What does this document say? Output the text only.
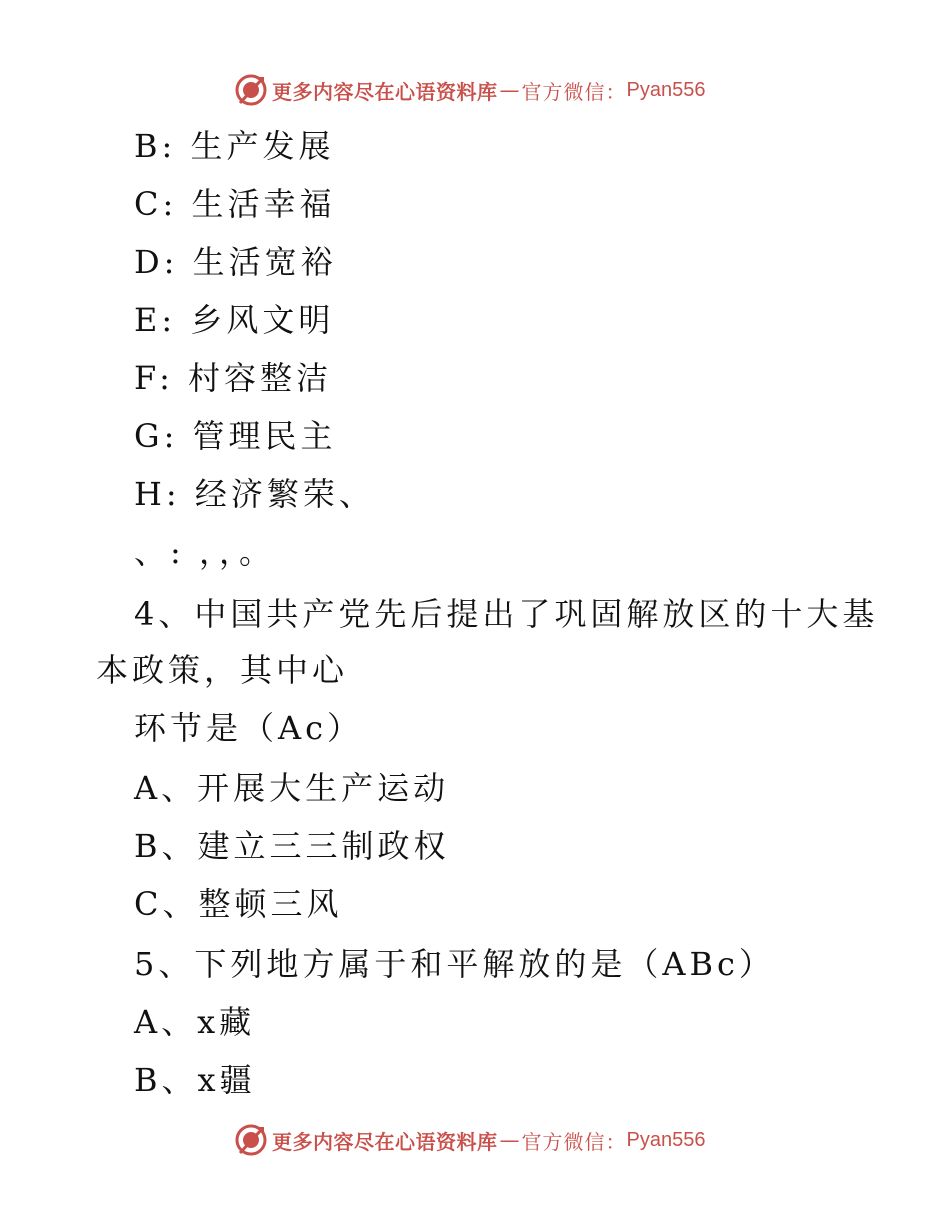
更多内容尽在心语资料库 — 官方微信： Pyan556
B: 生产发展
C: 生活幸福
D: 生活宽裕
E: 乡风文明
F: 村容整洁
G: 管理民主
H: 经济繁荣、
、: ，，。
4、中国共产党先后提出了巩固解放区的十大基
本政策，其中心
环节是（Ac）
A、开展大生产运动
B、建立三三制政权
C、整顿三风
5、下列地方属于和平解放的是（ABc）
A、x藏
B、x疆
更多内容尽在心语资料库 — 官方微信： Pyan556
